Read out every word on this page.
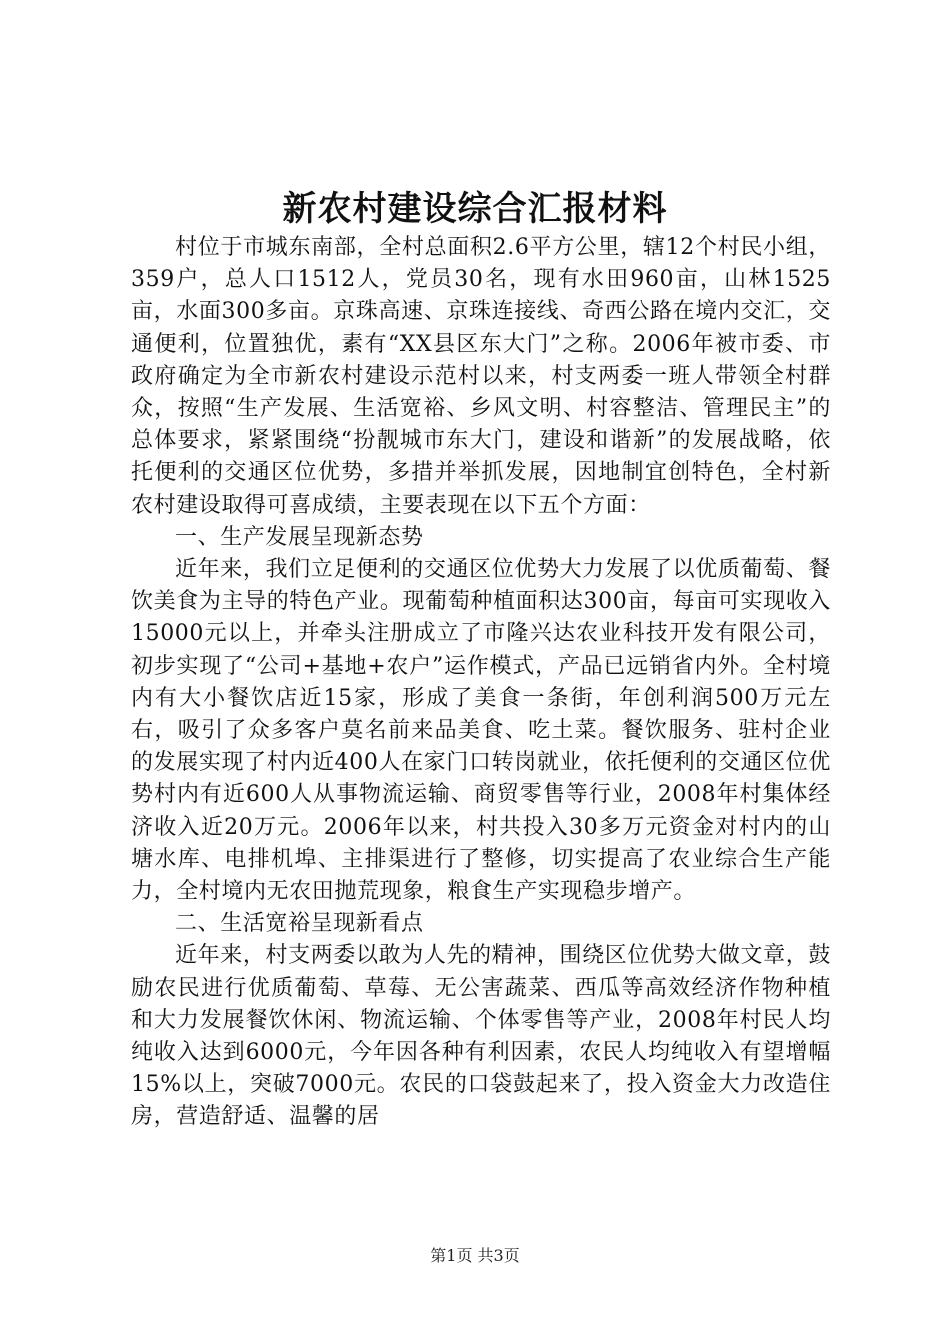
新农村建设综合汇报材料

村位于市城东南部，全村总面积2.6平方公里，辖12个村民小组，359户，总人口1512人，党员30名，现有水田960亩，山林1525亩，水面300多亩。京珠高速、京珠连接线、奇西公路在境内交汇，交通便利，位置独优，素有“XX县区东大门”之称。2006年被市委、市政府确定为全市新农村建设示范村以来，村支两委一班人带领全村群众，按照“生产发展、生活宽裕、乡风文明、村容整洁、管理民主”的总体要求，紧紧围绕“扮靓城市东大门，建设和谐新”的发展战略，依托便利的交通区位优势，多措并举抓发展，因地制宜创特色，全村新农村建设取得可喜成绩，主要表现在以下五个方面：

一、生产发展呈现新态势

近年来，我们立足便利的交通区位优势大力发展了以优质葡萄、餐饮美食为主导的特色产业。现葡萄种植面积达300亩，每亩可实现收入15000元以上，并牵头注册成立了市隆兴达农业科技开发有限公司，初步实现了“公司+基地+农户”运作模式，产品已远销省内外。全村境内有大小餐饮店近15家，形成了美食一条街，年创利润500万元左右，吸引了众多客户莫名前来品美食、吃土菜。餐饮服务、驻村企业的发展实现了村内近400人在家门口转岗就业，依托便利的交通区位优势村内有近600人从事物流运输、商贸零售等行业，2008年村集体经济收入近20万元。2006年以来，村共投入30多万元资金对村内的山塘水库、电排机埠、主排渠进行了整修，切实提高了农业综合生产能力，全村境内无农田抛荒现象，粮食生产实现稳步增产。

二、生活宽裕呈现新看点

近年来，村支两委以敢为人先的精神，围绕区位优势大做文章，鼓励农民进行优质葡萄、草莓、无公害蔬菜、西瓜等高效经济作物种植和大力发展餐饮休闲、物流运输、个体零售等产业，2008年村民人均纯收入达到6000元，今年因各种有利因素，农民人均纯收入有望增幅15%以上，突破7000元。农民的口袋鼓起来了，投入资金大力改造住房，营造舒适、温馨的居

第1页 共3页
